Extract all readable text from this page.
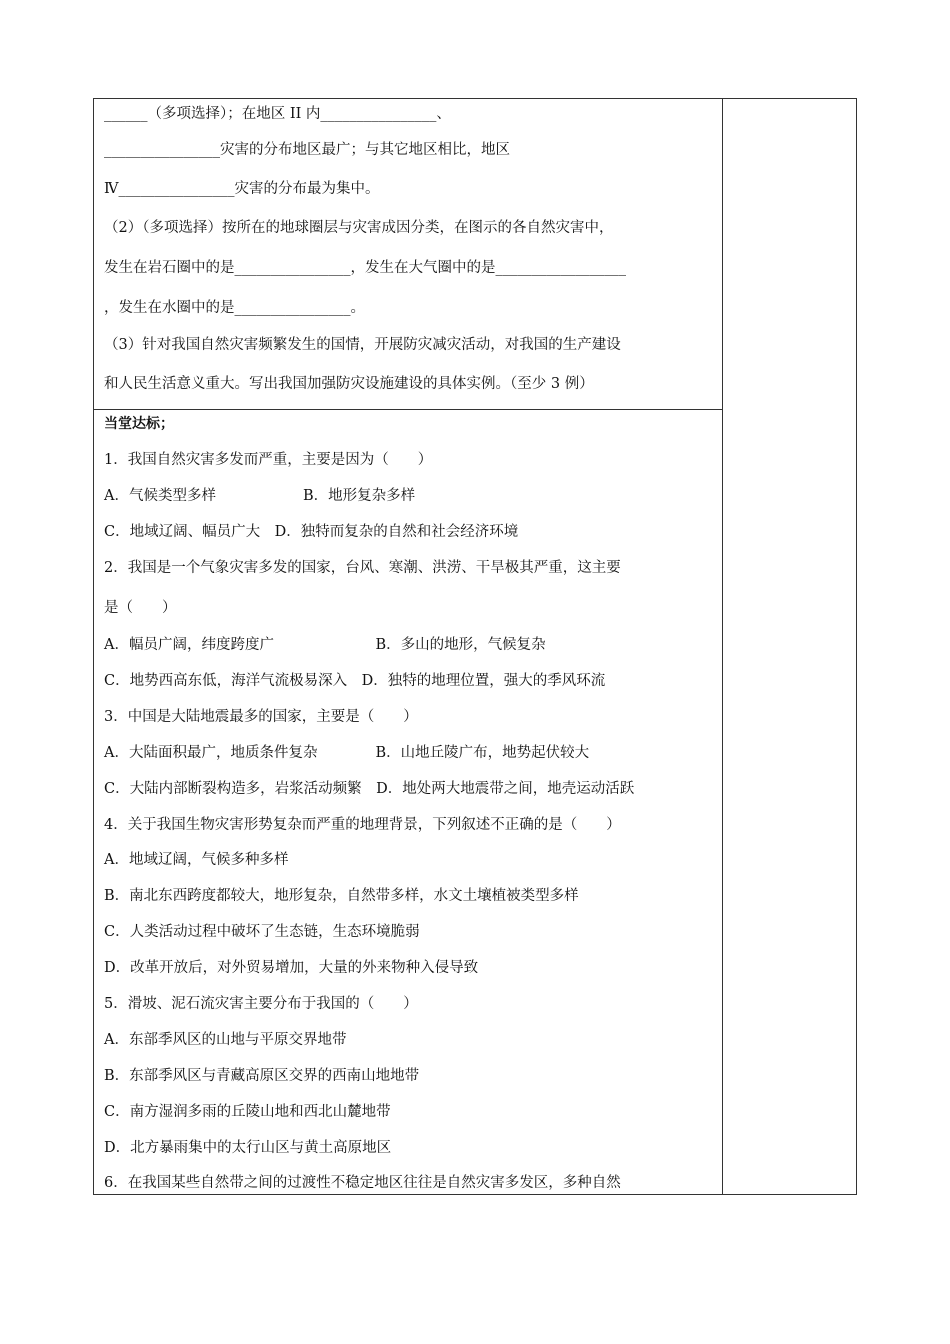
______（多项选择）；在地区 II 内________________、
________________灾害的分布地区最广；与其它地区相比，地区
Ⅳ________________灾害的分布最为集中。
（2）（多项选择）按所在的地球圈层与灾害成因分类，在图示的各自然灾害中，
发生在岩石圈中的是________________，发生在大气圈中的是__________________
，发生在水圈中的是________________。
（3）针对我国自然灾害频繁发生的国情，开展防灾减灾活动，对我国的生产建设
和人民生活意义重大。写出我国加强防灾设施建设的具体实例。（至少 3 例）
当堂达标；
1．我国自然灾害多发而严重，主要是因为（　　）
A．气候类型多样　　　　　　B．地形复杂多样
C．地域辽阔、幅员广大　D．独特而复杂的自然和社会经济环境
2．我国是一个气象灾害多发的国家，台风、寒潮、洪涝、干旱极其严重，这主要
是（　　）
A．幅员广阔，纬度跨度广　　　　　　　B．多山的地形，气候复杂
C．地势西高东低，海洋气流极易深入　D．独特的地理位置，强大的季风环流
3．中国是大陆地震最多的国家，主要是（　　）
A．大陆面积最广，地质条件复杂　　　　B．山地丘陵广布，地势起伏较大
C．大陆内部断裂构造多，岩浆活动频繁　D．地处两大地震带之间，地壳运动活跃
4．关于我国生物灾害形势复杂而严重的地理背景，下列叙述不正确的是（　　）
A．地域辽阔，气候多种多样
B．南北东西跨度都较大，地形复杂，自然带多样，水文土壤植被类型多样
C．人类活动过程中破坏了生态链，生态环境脆弱
D．改革开放后，对外贸易增加，大量的外来物种入侵导致
5．滑坡、泥石流灾害主要分布于我国的（　　）
A．东部季风区的山地与平原交界地带
B．东部季风区与青藏高原区交界的西南山地地带
C．南方湿润多雨的丘陵山地和西北山麓地带
D．北方暴雨集中的太行山区与黄土高原地区
6．在我国某些自然带之间的过渡性不稳定地区往往是自然灾害多发区，多种自然
